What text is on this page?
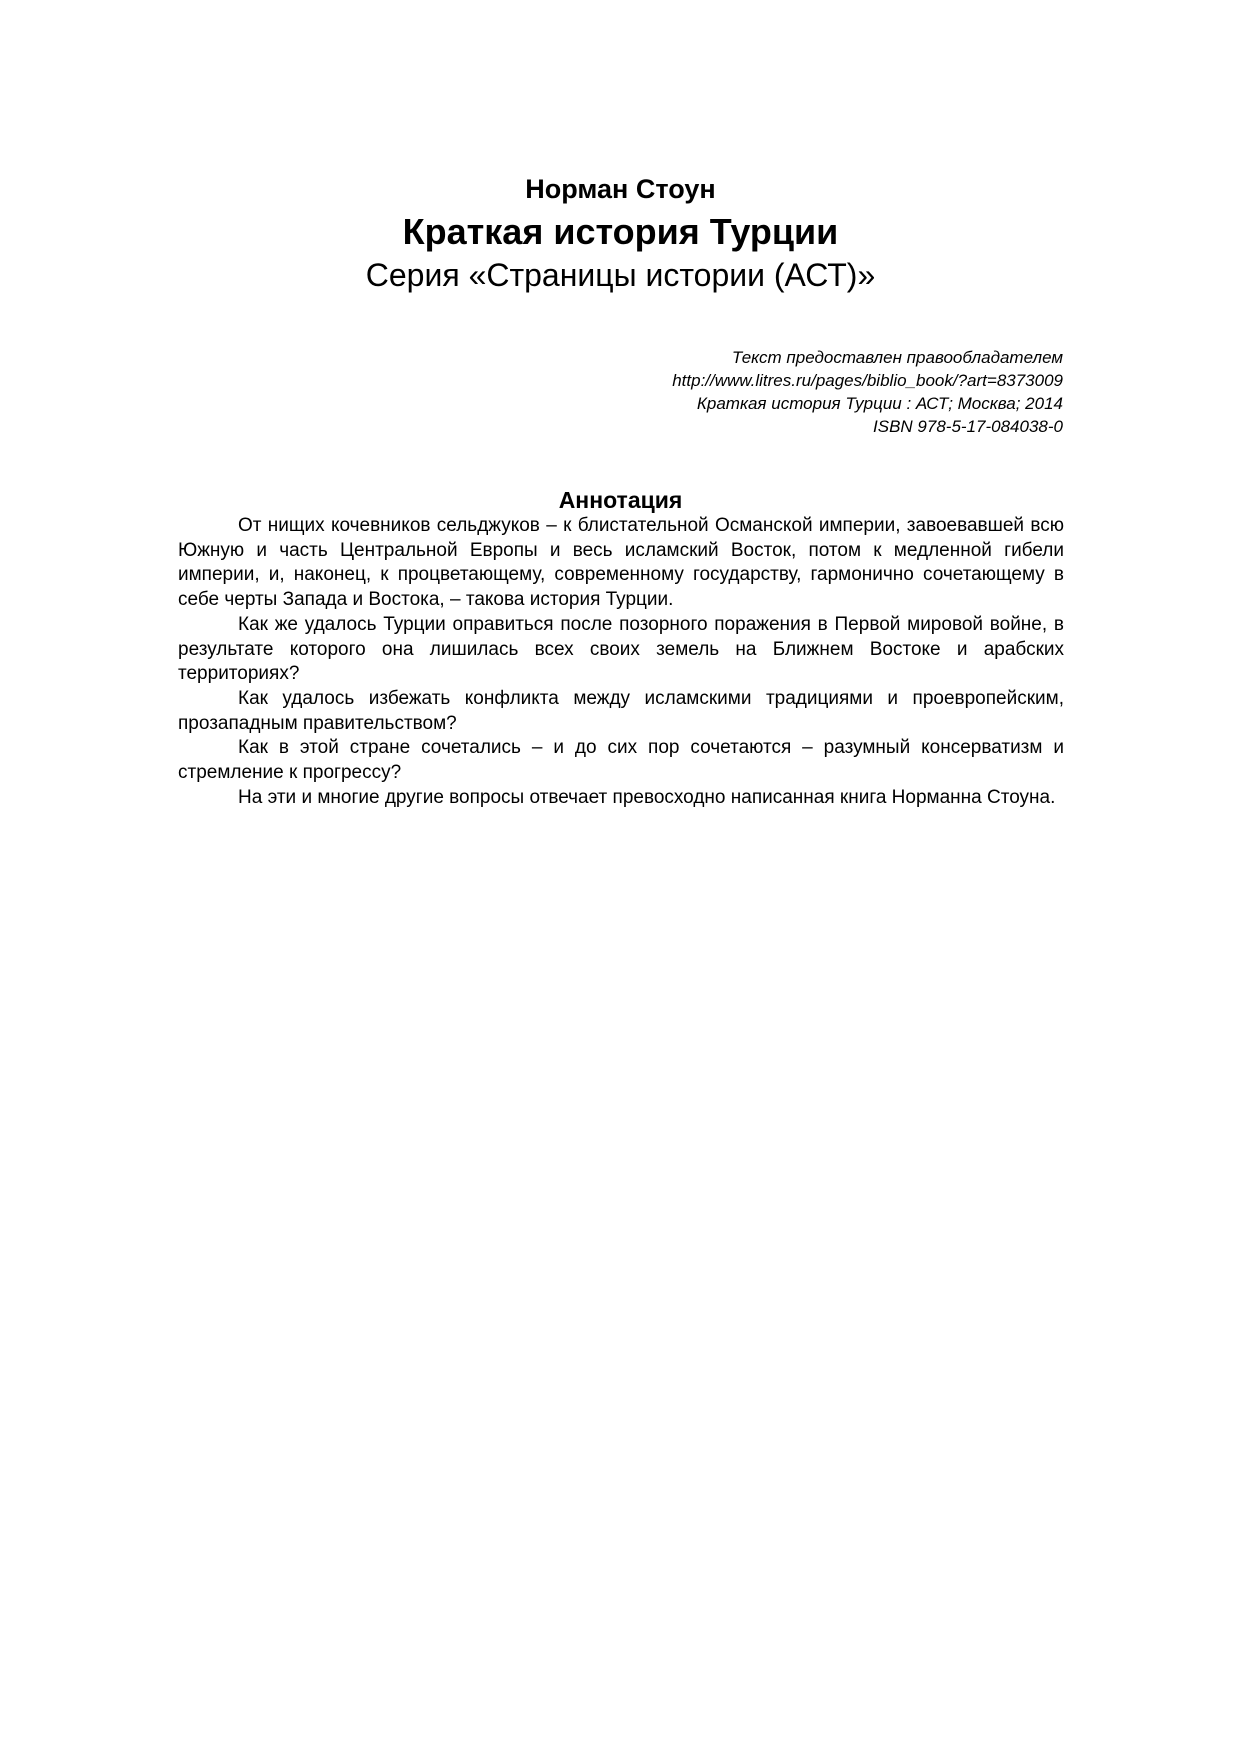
Норман Стоун
Краткая история Турции
Серия «Страницы истории (АСТ)»
Текст предоставлен правообладателем
http://www.litres.ru/pages/biblio_book/?art=8373009
Краткая история Турции : АСТ; Москва; 2014
ISBN 978-5-17-084038-0
Аннотация

От нищих кочевников сельджуков – к блистательной Османской империи, завоевавшей всю Южную и часть Центральной Европы и весь исламский Восток, потом к медленной гибели империи, и, наконец, к процветающему, современному государству, гармонично сочетающему в себе черты Запада и Востока, – такова история Турции.

Как же удалось Турции оправиться после позорного поражения в Первой мировой войне, в результате которого она лишилась всех своих земель на Ближнем Востоке и арабских территориях?

Как удалось избежать конфликта между исламскими традициями и проевропейским, прозападным правительством?

Как в этой стране сочетались – и до сих пор сочетаются – разумный консерватизм и стремление к прогрессу?

На эти и многие другие вопросы отвечает превосходно написанная книга Норманна Стоуна.
